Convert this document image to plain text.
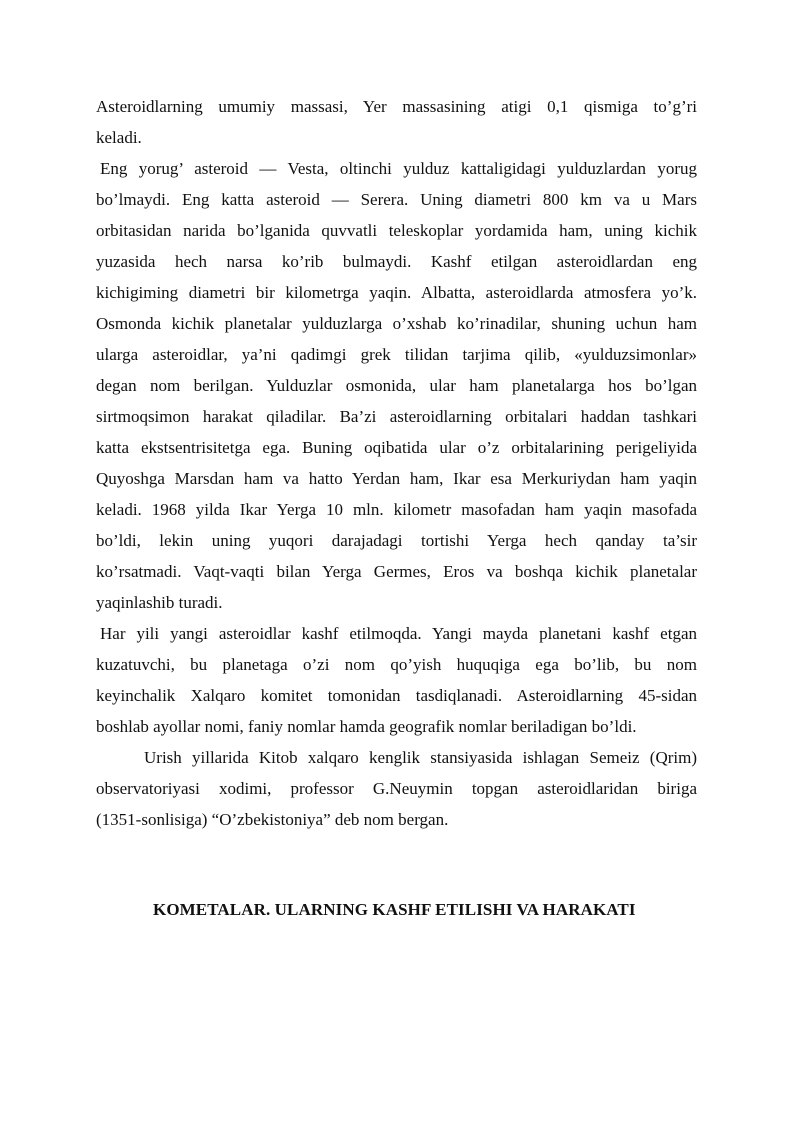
Asteroidlarning umumiy massasi, Yer massasining atigi 0,1 qismiga to’g’ri
keladi.
Eng yorug’ asteroid — Vesta, oltinchi yulduz kattaligidagi yulduzlardan yorug
bo’lmaydi. Eng katta asteroid — Serera. Uning diametri 800 km va u Mars
orbitasidan narida bo’lganida quvvatli teleskoplar yordamida ham, uning kichik
yuzasida hech narsa ko’rib bulmaydi. Kashf etilgan asteroidlardan eng
kichigiming diametri bir kilometrga yaqin. Albatta, asteroidlarda atmosfera yo’k.
Osmonda kichik planetalar yulduzlarga o’xshab ko’rinadilar, shuning uchun ham
ularga asteroidlar, ya’ni qadimgi grek tilidan tarjima qilib, «yulduzsimonlar»
degan nom berilgan. Yulduzlar osmonida, ular ham planetalarga hos bo’lgan
sirtmoqsimon harakat qiladilar. Ba’zi asteroidlarning orbitalari haddan tashkari
katta ekstsentrisitetga ega. Buning oqibatida ular o’z orbitalarining perigeliyida
Quyoshga Marsdan ham va hatto Yerdan ham, Ikar esa Merkuriydan ham yaqin
keladi. 1968 yilda Ikar Yerga 10 mln. kilometr masofadan ham yaqin masofada
bo’ldi, lekin uning yuqori darajadagi tortishi Yerga hech qanday ta’sir
ko’rsatmadi. Vaqt-vaqti bilan Yerga Germes, Eros va boshqa kichik planetalar
yaqinlashib turadi.
Har yili yangi asteroidlar kashf etilmoqda. Yangi mayda planetani kashf etgan
kuzatuvchi, bu planetaga o’zi nom qo’yish huquqiga ega bo’lib, bu nom
keyinchalik Xalqaro komitet tomonidan tasdiqlanadi. Asteroidlarning 45-sidan
boshlab ayollar nomi, faniy nomlar hamda geografik nomlar beriladigan bo’ldi.
Urish yillarida Kitob xalqaro kenglik stansiyasida ishlagan Semeiz (Qrim)
observatoriyasi xodimi, professor G.Neuymin topgan asteroidlaridan biriga
(1351-sonlisiga) “O’zbekistoniya” deb nom bergan.
KOMETALAR. ULARNING KASHF ETILISHI VA HARAKATI
